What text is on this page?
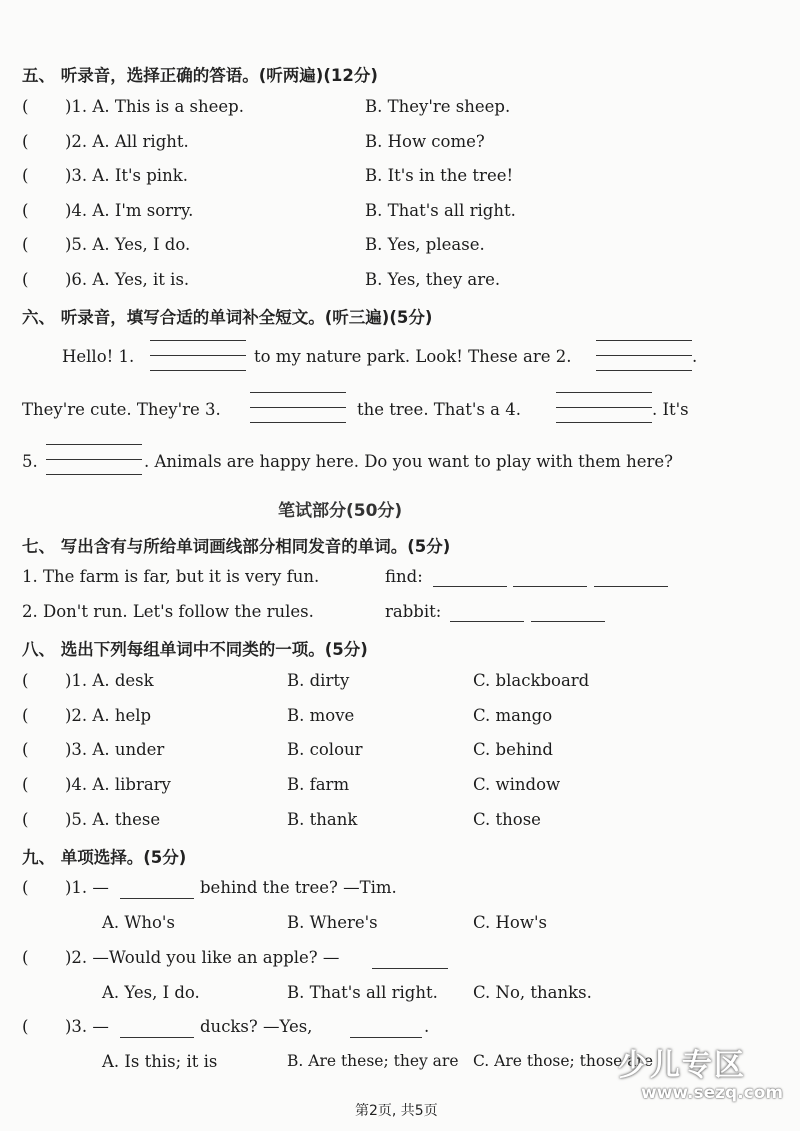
五、 听录音，选择正确的答语。(听两遍)(12分)
( )1. A. This is a sheep.	B. They're sheep.
( )2. A. All right.	B. How come?
( )3. A. It's pink.	B. It's in the tree!
( )4. A. I'm sorry.	B. That's all right.
( )5. A. Yes, I do.	B. Yes, please.
( )6. A. Yes, it is.	B. Yes, they are.
六、 听录音，填写合适的单词补全短文。(听三遍)(5分)
Hello! 1.	to my nature park. Look! These are 2.	.
They're cute. They're 3.	the tree. That's a 4.	. It's
5.	. Animals are happy here. Do you want to play with them here?
笔试部分(50分)
七、 写出含有与所给单词画线部分相同发音的单词。(5分)
1. The farm is far, but it is very fun.	find:
2. Don't run. Let's follow the rules.	rabbit:
八、 选出下列每组单词中不同类的一项。(5分)
( )1. A. desk	B. dirty	C. blackboard
( )2. A. help	B. move	C. mango
( )3. A. under	B. colour	C. behind
( )4. A. library	B. farm	C. window
( )5. A. these	B. thank	C. those
九、 单项选择。(5分)
( )1. —	behind the tree? —Tim.
A. Who's	B. Where's	C. How's
( )2. —Would you like an apple? —
A. Yes, I do.	B. That's all right. C. No, thanks.
( )3. —	ducks? —Yes,	.
A. Is this; it is	B. Are these; they are C. Are those; those are
少儿专区
www.sezq.com
第2页, 共5页
